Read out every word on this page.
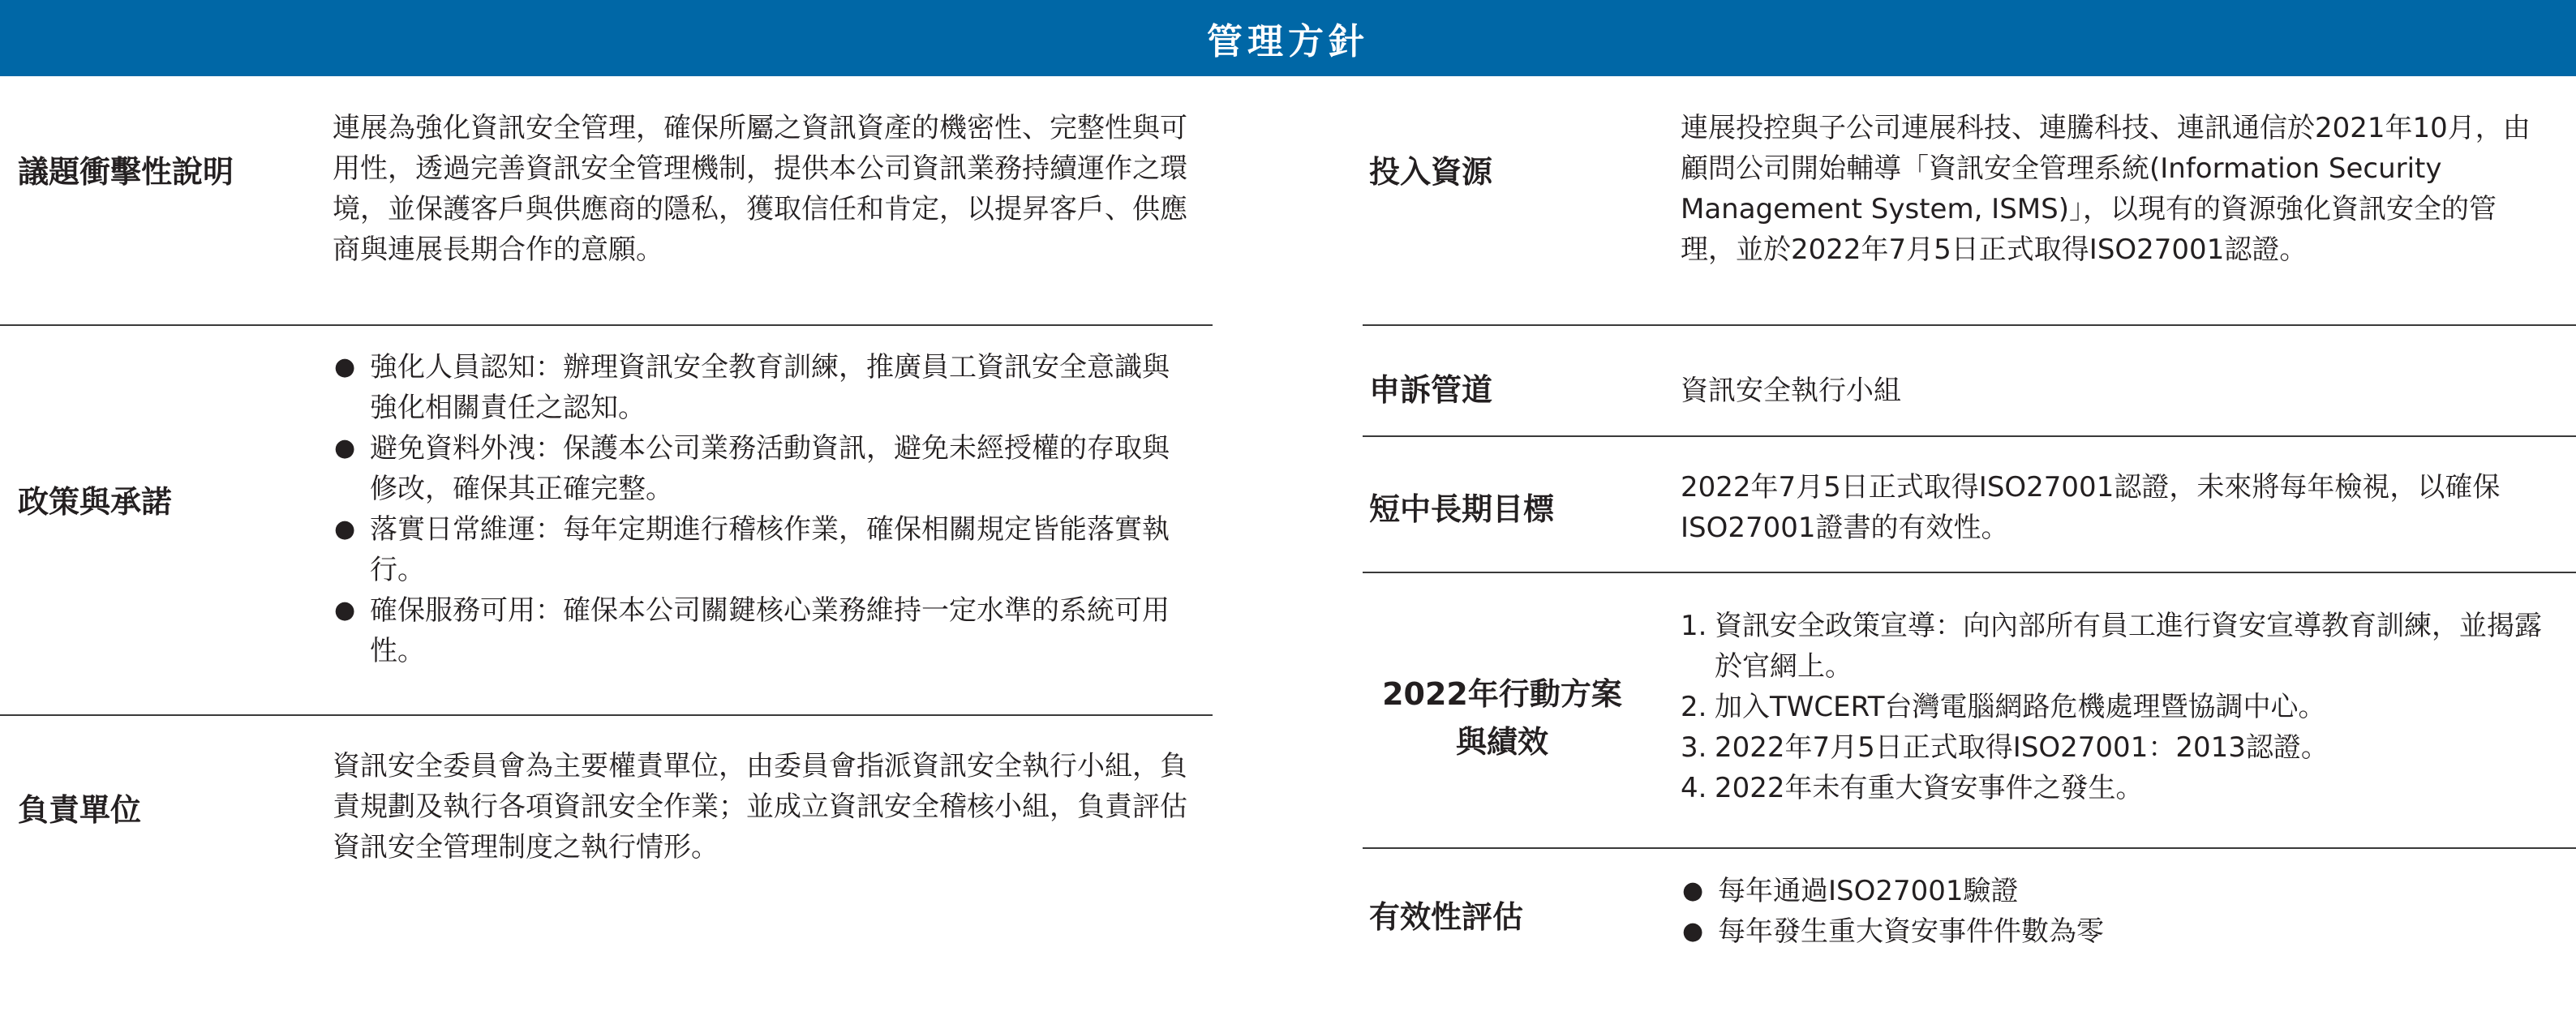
管理方針
議題衝擊性說明
連展為強化資訊安全管理，確保所屬之資訊資產的機密性、完整性與可用性，透過完善資訊安全管理機制，提供本公司資訊業務持續運作之環境，並保護客戶與供應商的隱私，獲取信任和肯定，以提昇客戶、供應商與連展長期合作的意願。
政策與承諾
● 強化人員認知：辦理資訊安全教育訓練，推廣員工資訊安全意識與強化相關責任之認知。
● 避免資料外洩：保護本公司業務活動資訊，避免未經授權的存取與修改，確保其正確完整。
● 落實日常維運：每年定期進行稽核作業，確保相關規定皆能落實執行。
● 確保服務可用：確保本公司關鍵核心業務維持一定水準的系統可用性。
負責單位
資訊安全委員會為主要權責單位，由委員會指派資訊安全執行小組，負責規劃及執行各項資訊安全作業；並成立資訊安全稽核小組，負責評估資訊安全管理制度之執行情形。
投入資源
連展投控與子公司連展科技、連騰科技、連訊通信於2021年10月，由顧問公司開始輔導「資訊安全管理系統(Information Security Management System, ISMS)」，以現有的資源強化資訊安全的管理，並於2022年7月5日正式取得ISO27001認證。
申訴管道	資訊安全執行小組
短中長期目標
2022年7月5日正式取得ISO27001認證，未來將每年檢視，以確保ISO27001證書的有效性。
2022年行動方案
與績效
1. 資訊安全政策宣導：向內部所有員工進行資安宣導教育訓練，並揭露於官網上。
2. 加入TWCERT台灣電腦網路危機處理暨協調中心。
3. 2022年7月5日正式取得ISO27001：2013認證。
4. 2022年未有重大資安事件之發生。
有效性評估
● 每年通過ISO27001驗證
● 每年發生重大資安事件件數為零
